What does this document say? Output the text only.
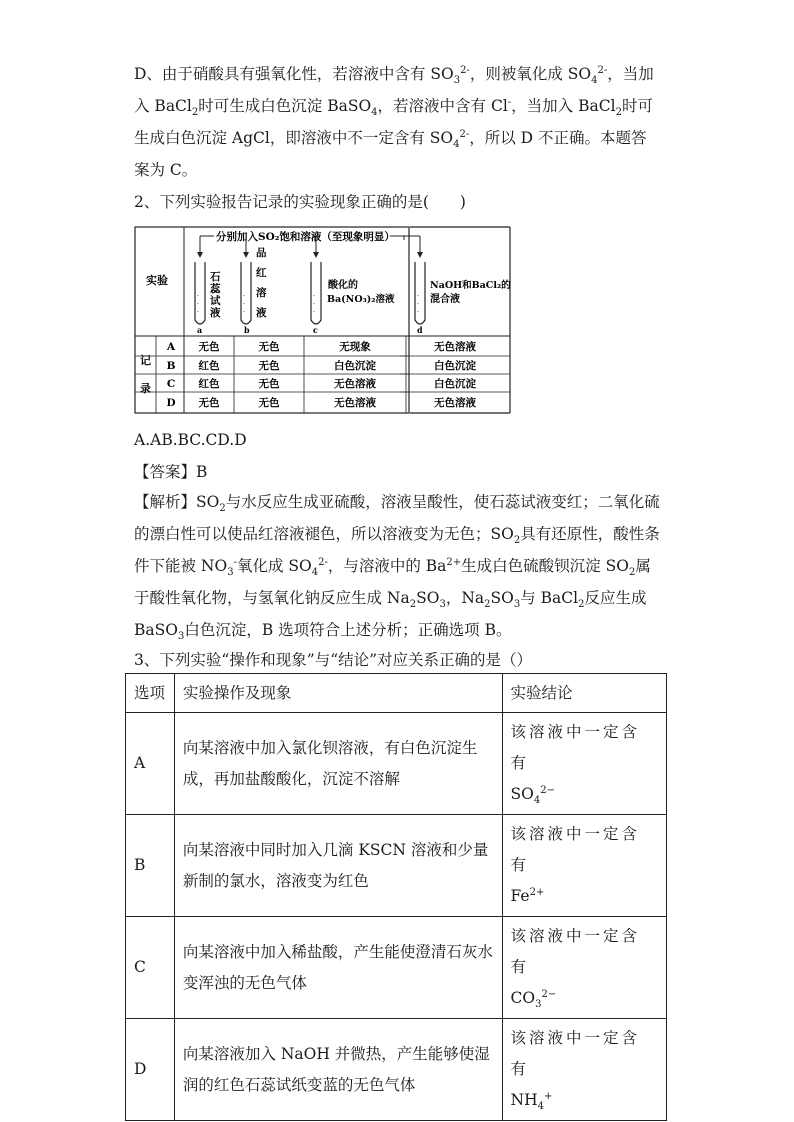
D、由于硝酸具有强氧化性，若溶液中含有 $SO_3^{2-}$，则被氧化成 $SO_4^{2-}$，当加入 BaCl$_2$时可生成白色沉淀 BaSO$_4$，若溶液中含有 Cl-，当加入 BaCl$_2$时可生成白色沉淀 AgCl，即溶液中不一定含有 $SO_4^{2-}$，所以 D 不正确。本题答案为 C。

2、下列实验报告记录的实验现象正确的是(　　)

实验
记
录
分别加入SO₂饱和溶液（至现象明显）
·
·
·
a
石
蕊
试
液
·
·
·
b
品
红
溶
液
·
·
·
c
酸化的
Ba(NO₃)₂溶液	·
·
·
d
NaOH和BaCl₂的
混合液
A 无色	无色	无现象	无色溶液
B 红色	无色	白色沉淀	白色沉淀
C 红色	无色	无色溶液	白色沉淀
D 无色	无色	无色溶液	无色溶液

A.AB.BC.CD.D

【答案】B

【解析】$SO_2$与水反应生成亚硫酸，溶液呈酸性，使石蕊试液变红；二氧化硫的漂白性可以使品红溶液褪色，所以溶液变为无色；$SO_2$具有还原性，酸性条件下能被 $NO_3^-$氧化成 $SO_4^{2-}$，与溶液中的 $Ba^{2+}$生成白色硫酸钡沉淀 $SO_2$属于酸性氧化物，与氢氧化钠反应生成 $Na_2SO_3$，$Na_2SO_3$与 BaCl$_2$反应生成 BaSO$_3$白色沉淀，B 选项符合上述分析；正确选项 B。

3、下列实验“操作和现象”与“结论”对应关系正确的是（）

选项	实验操作及现象	实验结论
A	向某溶液中加入氯化钡溶液，有白色沉淀生成，再加盐酸酸化，沉淀不溶解	该溶液中一定含有
$SO_4^{2-}$
B	向某溶液中同时加入几滴 KSCN 溶液和少量新制的氯水，溶液变为红色	该溶液中一定含有
$Fe^{2+}$
C	向某溶液中加入稀盐酸，产生能使澄清石灰水变浑浊的无色气体	该溶液中一定含有
$CO_3^{2-}$
D	向某溶液加入 NaOH 并微热，产生能够使湿润的红色石蕊试纸变蓝的无色气体	该溶液中一定含有
$NH_4^+$
